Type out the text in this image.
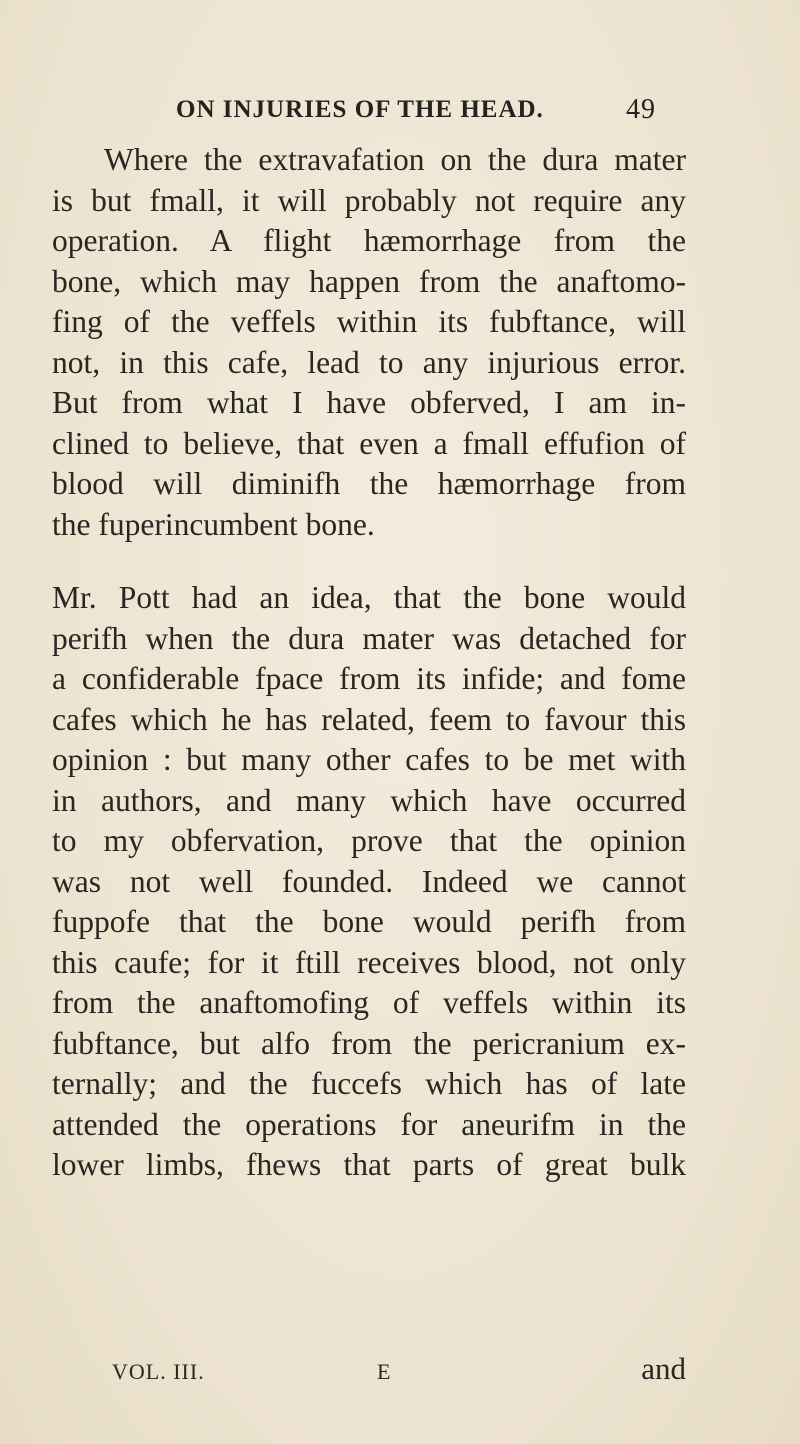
ON INJURIES OF THE HEAD.	49
Where the extravafation on the dura mater
is but fmall, it will probably not require any
operation. A flight hæmorrhage from the
bone, which may happen from the anaftomo-
fing of the veffels within its fubftance, will
not, in this cafe, lead to any injurious error.
But from what I have obferved, I am in-
clined to believe, that even a fmall effufion of
blood will diminifh the hæmorrhage from
the fuperincumbent bone.
Mr. Pott had an idea, that the bone would
perifh when the dura mater was detached for
a confiderable fpace from its infide; and fome
cafes which he has related, feem to favour this
opinion : but many other cafes to be met with
in authors, and many which have occurred
to my obfervation, prove that the opinion
was not well founded. Indeed we cannot
fuppofe that the bone would perifh from
this caufe; for it ftill receives blood, not only
from the anaftomofing of veffels within its
fubftance, but alfo from the pericranium ex-
ternally; and the fuccefs which has of late
attended the operations for aneurifm in the
lower limbs, fhews that parts of great bulk
VOL. III.	E	and
